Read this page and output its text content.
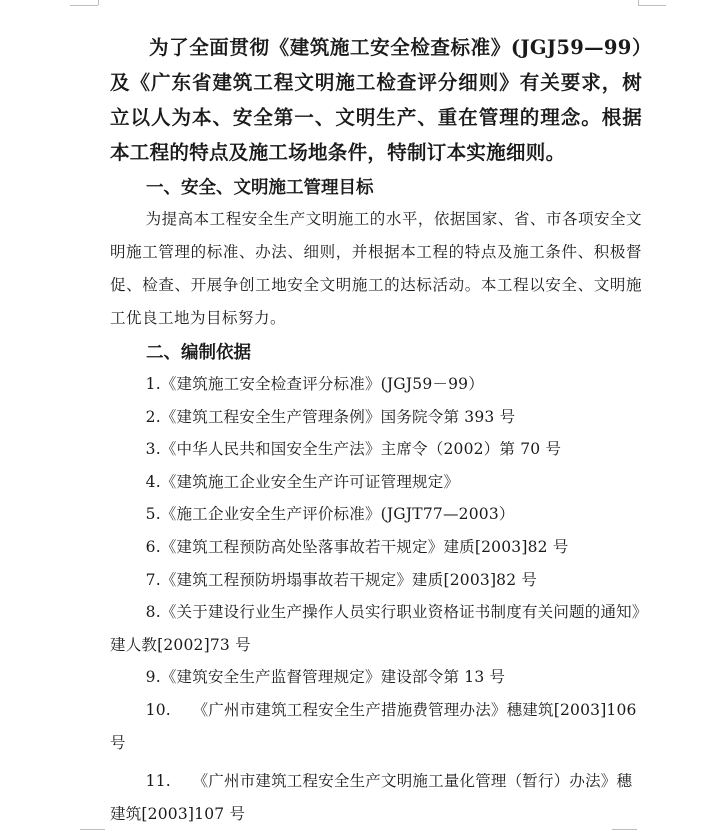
为了全面贯彻《建筑施工安全检查标准》(JGJ59—99）及《广东省建筑工程文明施工检查评分细则》有关要求，树立以人为本、安全第一、文明生产、重在管理的理念。根据本工程的特点及施工场地条件，特制订本实施细则。

一、安全、文明施工管理目标

为提高本工程安全生产文明施工的水平，依据国家、省、市各项安全文明施工管理的标准、办法、细则，并根据本工程的特点及施工条件、积极督促、检查、开展争创工地安全文明施工的达标活动。本工程以安全、文明施工优良工地为目标努力。

二、编制依据
1.《建筑施工安全检查评分标准》(JGJ59－99）
2.《建筑工程安全生产管理条例》国务院令第 393 号
3.《中华人民共和国安全生产法》主席令（2002）第 70 号
4.《建筑施工企业安全生产许可证管理规定》
5.《施工企业安全生产评价标准》(JGJT77—2003）
6.《建筑工程预防高处坠落事故若干规定》建质[2003]82 号
7.《建筑工程预防坍塌事故若干规定》建质[2003]82 号
8.《关于建设行业生产操作人员实行职业资格证书制度有关问题的通知》建人教[2002]73 号
9.《建筑安全生产监督管理规定》建设部令第 13 号
10. 《广州市建筑工程安全生产措施费管理办法》穗建筑[2003]106 号
11. 《广州市建筑工程安全生产文明施工量化管理（暂行）办法》穗建筑[2003]107 号
